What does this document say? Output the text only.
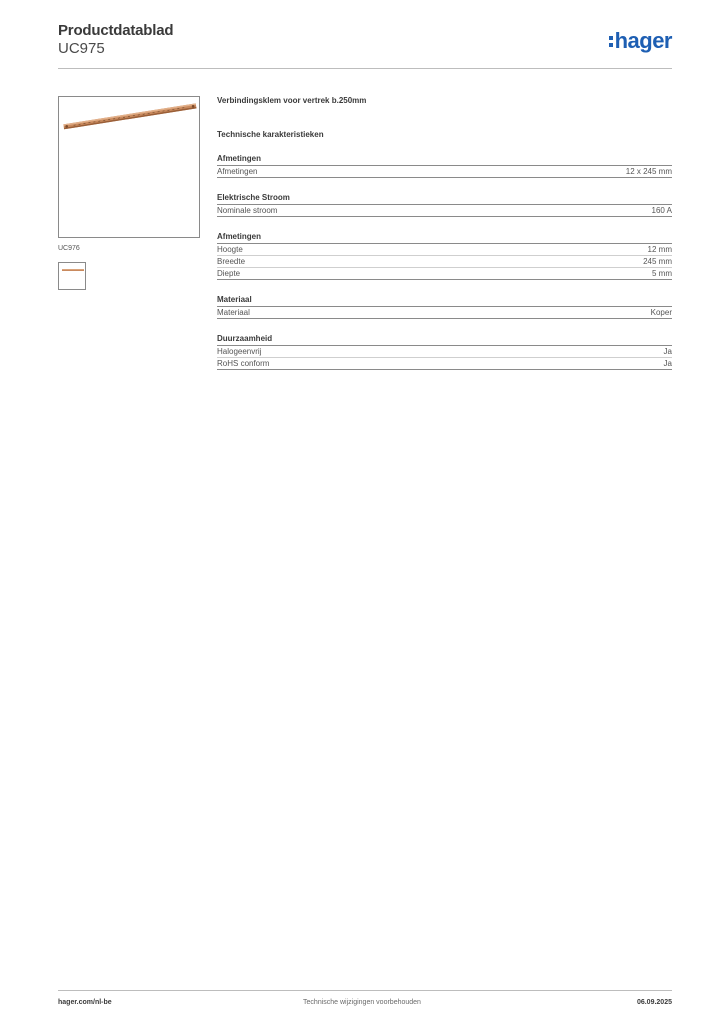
Productdatablad
UC975	hager
UC976
Verbindingsklem voor vertrek b.250mm
Technische karakteristieken
Afmetingen
Afmetingen	12 x 245 mm
Elektrische Stroom
Nominale stroom	160 A
Afmetingen
Hoogte	12 mm
Breedte	245 mm
Diepte	5 mm
Materiaal
Materiaal	Koper
Duurzaamheid
Halogeenvrij	Ja
RoHS conform	Ja
hager.com/nl-be	Technische wijzigingen voorbehouden	06.09.2025
